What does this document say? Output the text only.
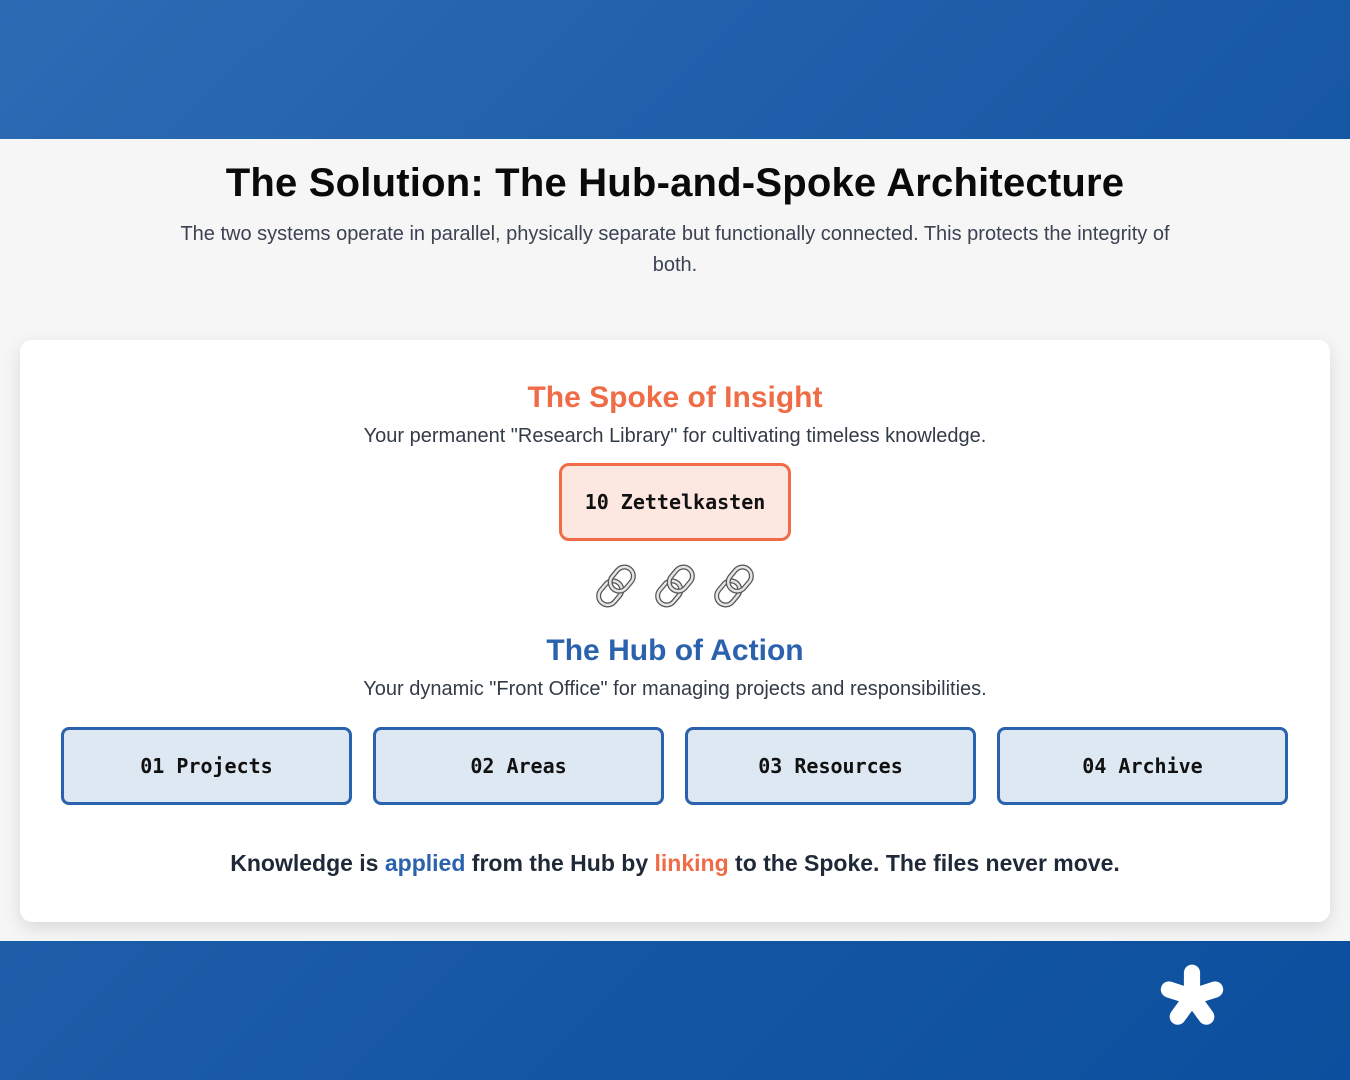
The Solution: The Hub-and-Spoke Architecture

The two systems operate in parallel, physically separate but functionally connected. This protects the integrity of both.

The Spoke of Insight

Your permanent "Research Library" for cultivating timeless knowledge.

10 Zettelkasten
The Hub of Action

Your dynamic "Front Office" for managing projects and responsibilities.

01 Projects	02 Areas	03 Resources	04 Archive

Knowledge is applied from the Hub by linking to the Spoke. The files never move.
